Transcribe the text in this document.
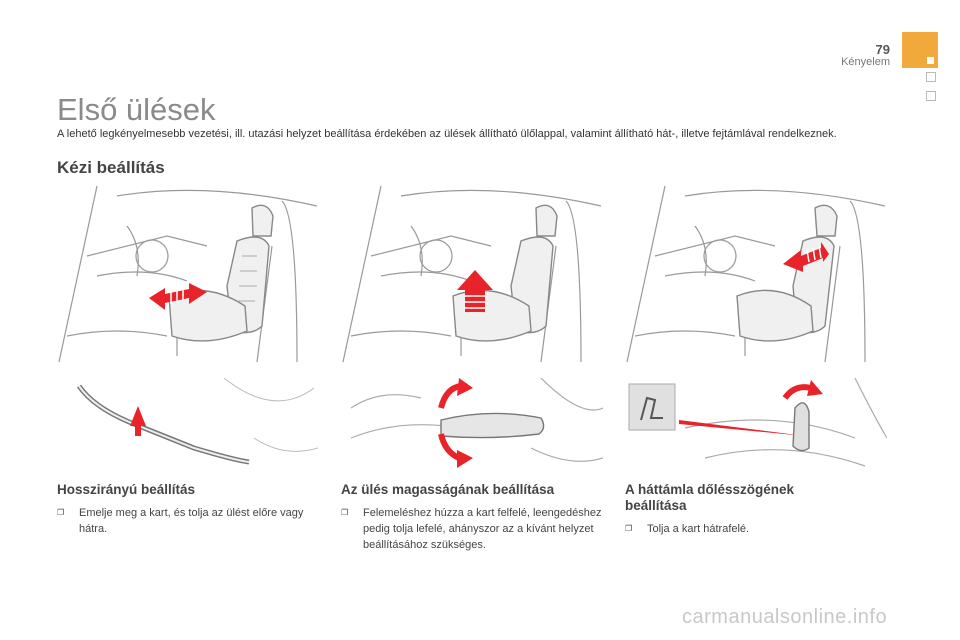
79
Kényelem
Első ülések

A lehető legkényelmesebb vezetési, ill. utazási helyzet beállítása érdekében az ülések állítható ülőlappal, valamint állítható hát-, illetve fejtámlával rendelkeznek.

Kézi beállítás
Hosszirányú beállítás
❐	Emelje meg a kart, és tolja az ülést előre vagy hátra.
Az ülés magasságának beállítása
❐	Felemeléshez húzza a kart felfelé, leengedéshez pedig tolja lefelé, ahányszor az a kívánt helyzet beállításához szükséges.
A háttámla dőlésszögének beállítása
❐	Tolja a kart hátrafelé.
carmanualsonline.info
